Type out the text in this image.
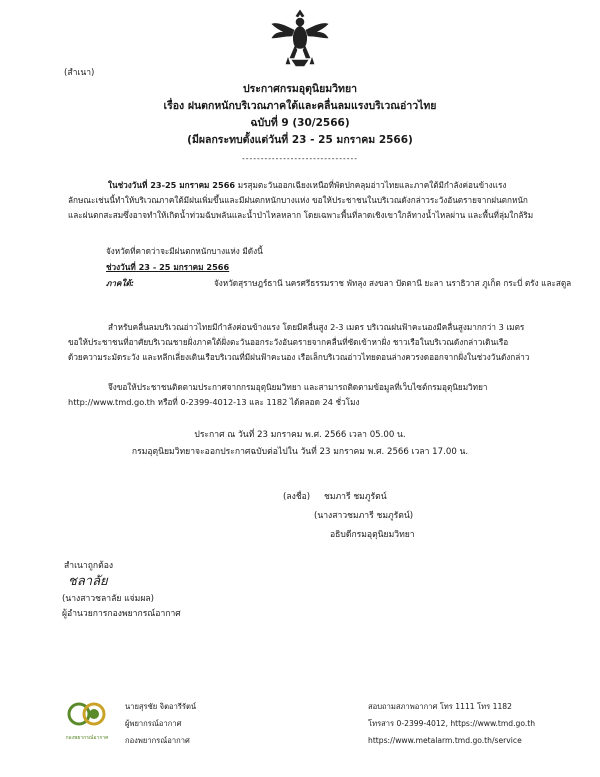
(สำเนา)
ประกาศกรมอุตุนิยมวิทยา
เรื่อง ฝนตกหนักบริเวณภาคใต้และคลื่นลมแรงบริเวณอ่าวไทย
ฉบับที่ 9 (30/2566)
(มีผลกระทบตั้งแต่วันที่ 23 - 25 มกราคม 2566)
-------------------------------
ในช่วงวันที่ 23-25 มกราคม 2566 มรสุมตะวันออกเฉียงเหนือที่พัดปกคลุมอ่าวไทยและภาคใต้มีกำลังค่อนข้างแรง
ลักษณะเช่นนี้ทำให้บริเวณภาคใต้มีฝนเพิ่มขึ้นและมีฝนตกหนักบางแห่ง ขอให้ประชาชนในบริเวณดังกล่าวระวังอันตรายจากฝนตกหนัก
และฝนตกสะสมซึ่งอาจทำให้เกิดน้ำท่วมฉับพลันและน้ำป่าไหลหลาก โดยเฉพาะพื้นที่ลาดเชิงเขาใกล้ทางน้ำไหลผ่าน และพื้นที่ลุ่มใกล้ริม
จังหวัดที่คาดว่าจะมีฝนตกหนักบางแห่ง มีดังนี้
ช่วงวันที่ 23 - 25 มกราคม 2566
ภาคใต้:	จังหวัดสุราษฎร์ธานี นครศรีธรรมราช พัทลุง สงขลา ปัตตานี ยะลา นราธิวาส ภูเก็ต กระบี่ ตรัง และสตูล
สำหรับคลื่นลมบริเวณอ่าวไทยมีกำลังค่อนข้างแรง โดยมีคลื่นสูง 2-3 เมตร บริเวณฝนฟ้าคะนองมีคลื่นสูงมากกว่า 3 เมตร
ขอให้ประชาชนที่อาศัยบริเวณชายฝั่งภาคใต้ฝั่งตะวันออกระวังอันตรายจากคลื่นที่ซัดเข้าหาฝั่ง ชาวเรือในบริเวณดังกล่าวเดินเรือ
ด้วยความระมัดระวัง และหลีกเลี่ยงเดินเรือบริเวณที่มีฝนฟ้าคะนอง เรือเล็กบริเวณอ่าวไทยตอนล่างควรงดออกจากฝั่งในช่วงวันดังกล่าว
จึงขอให้ประชาชนติดตามประกาศจากกรมอุตุนิยมวิทยา และสามารถติดตามข้อมูลที่เว็บไซต์กรมอุตุนิยมวิทยา
http://www.tmd.go.th หรือที่ 0-2399-4012-13 และ 1182 ได้ตลอด 24 ชั่วโมง
ประกาศ ณ วันที่ 23 มกราคม พ.ศ. 2566 เวลา 05.00 น.
กรมอุตุนิยมวิทยาจะออกประกาศฉบับต่อไปใน วันที่ 23 มกราคม พ.ศ. 2566 เวลา 17.00 น.
(ลงชื่อ) ชมภารี ชมภูรัตน์
(นางสาวชมภารี ชมภูรัตน์)
อธิบดีกรมอุตุนิยมวิทยา
สำเนาถูกต้อง
ชลาลัย
(นางสาวชลาลัย แจ่มผล)
ผู้อำนวยการกองพยากรณ์อากาศ
กองพยากรณ์อากาศ
นายสุรชัย จิตอารีรัตน์
ผู้พยากรณ์อากาศ
กองพยากรณ์อากาศ
สอบถามสภาพอากาศ โทร 1111 โทร 1182
โทรสาร 0-2399-4012, https://www.tmd.go.th
https://www.metalarm.tmd.go.th/service
